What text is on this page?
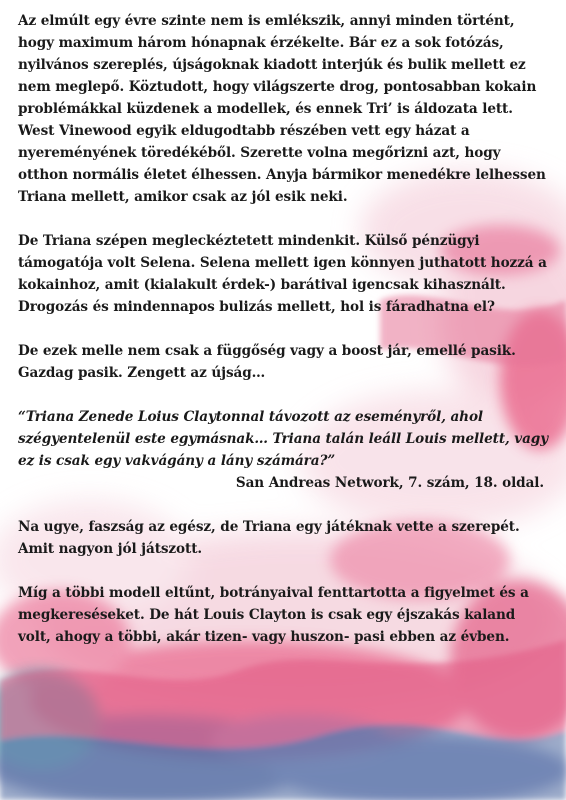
Az elmúlt egy évre szinte nem is emlékszik, annyi minden történt, hogy maximum három hónapnak érzékelte. Bár ez a sok fotózás, nyilvános szereplés, újságoknak kiadott interjúk és bulik mellett ez nem meglepő. Köztudott, hogy világszerte drog, pontosabban kokain problémákkal küzdenek a modellek, és ennek Tri’ is áldozata lett. West Vinewood egyik eldugodtabb részében vett egy házat a nyereményének töredékéből. Szerette volna megőrizni azt, hogy otthon normális életet élhessen. Anyja bármikor menedékre lelhessen Triana mellett, amikor csak az jól esik neki.

De Triana szépen megleckéztetett mindenkit. Külső pénzügyi támogatója volt Selena. Selena mellett igen könnyen juthatott hozzá a kokainhoz, amit (kialakult érdek-) barátival igencsak kihasznált.

Drogozás és mindennapos bulizás mellett, hol is fáradhatna el?

De ezek melle nem csak a függőség vagy a boost jár, emellé pasik. Gazdag pasik. Zengett az újság…

“Triana Zenede Loius Claytonnal távozott az eseményről, ahol szégyentelenül este egymásnak… Triana talán leáll Louis mellett, vagy ez is csak egy vakvágány a lány számára?”
San Andreas Network, 7. szám, 18. oldal.

Na ugye, faszság az egész, de Triana egy játéknak vette a szerepét. Amit nagyon jól játszott.

Míg a többi modell eltűnt, botrányaival fenttartotta a figyelmet és a megkereséseket. De hát Louis Clayton is csak egy éjszakás kaland volt, ahogy a többi, akár tizen- vagy huszon- pasi ebben az évben.
